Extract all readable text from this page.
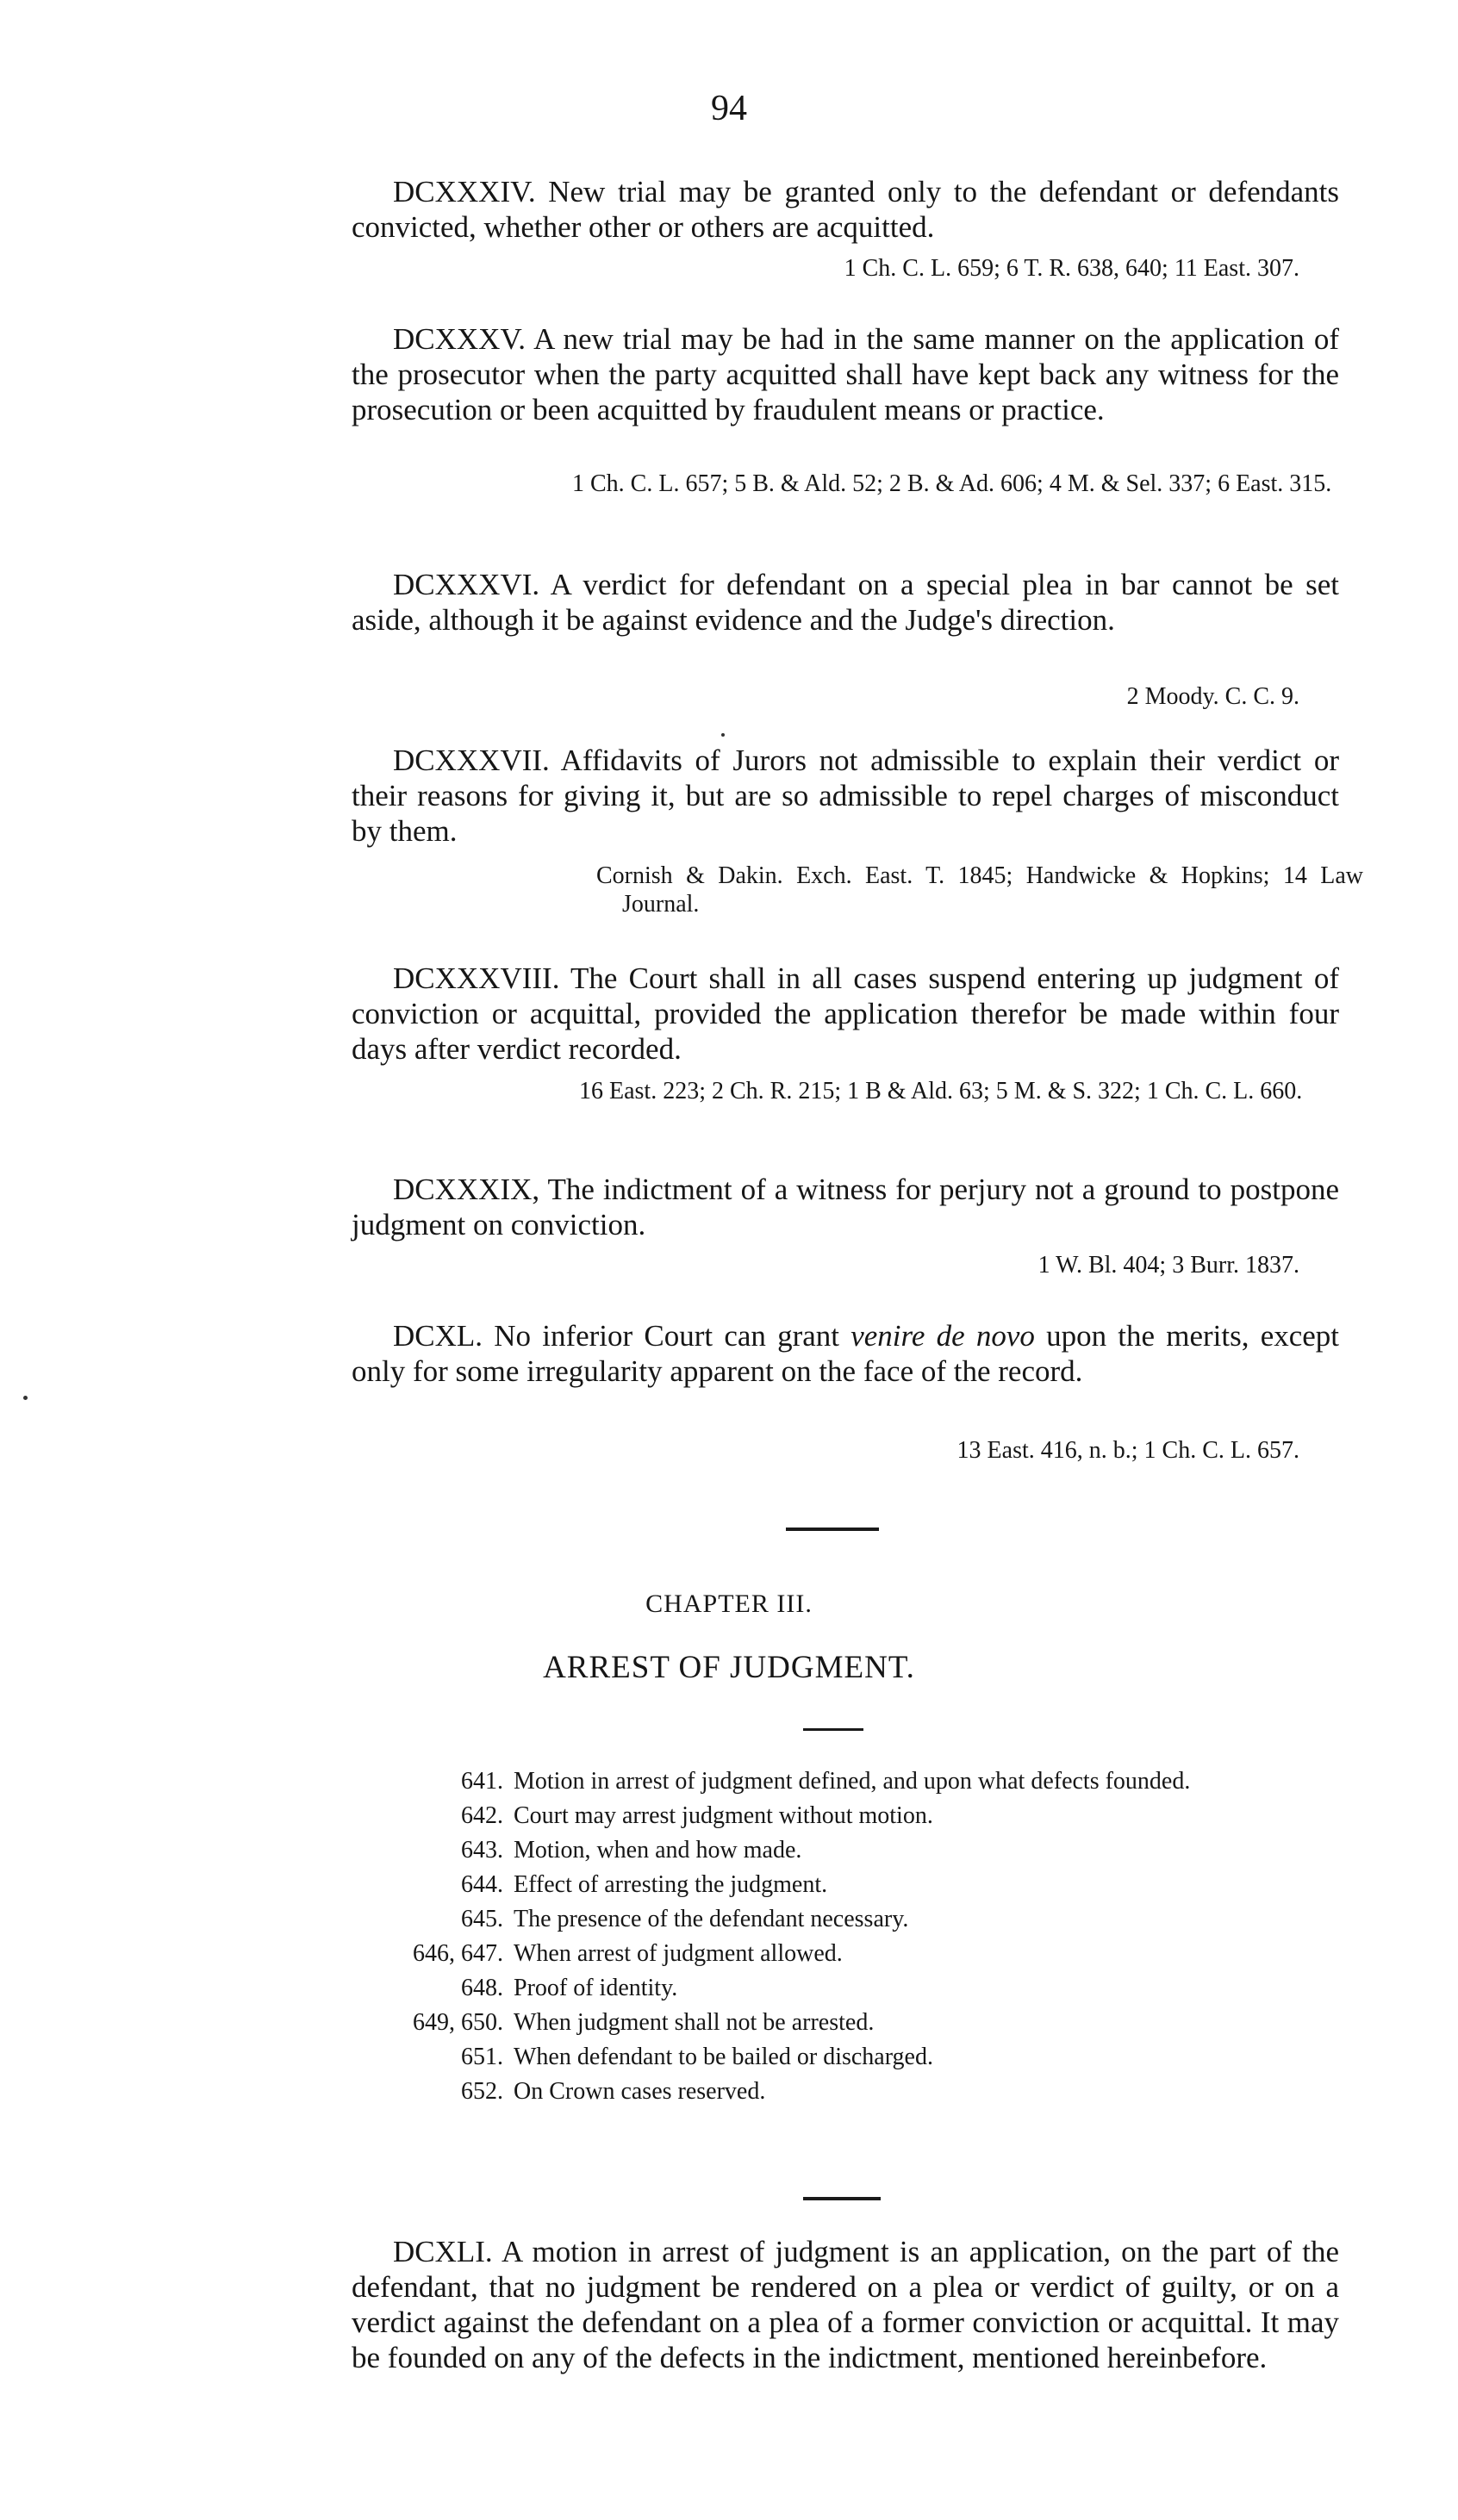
94

DCXXXIV. New trial may be granted only to the defendant or defendants convicted, whether other or others are acquitted.

1 Ch. C. L. 659; 6 T. R. 638, 640; 11 East. 307.

DCXXXV. A new trial may be had in the same manner on the application of the prosecutor when the party acquitted shall have kept back any witness for the prosecution or been acquitted by fraudulent means or practice.

1 Ch. C. L. 657; 5 B. & Ald. 52; 2 B. & Ad. 606; 4 M. & Sel. 337; 6 East. 315.

DCXXXVI. A verdict for defendant on a special plea in bar cannot be set aside, although it be against evidence and the Judge's direction.

2 Moody. C. C. 9.

DCXXXVII. Affidavits of Jurors not admissible to explain their verdict or their reasons for giving it, but are so admissible to repel charges of misconduct by them.

Cornish & Dakin. Exch. East. T. 1845; Handwicke & Hopkins; 14 Law Journal.

DCXXXVIII. The Court shall in all cases suspend entering up judgment of conviction or acquittal, provided the application therefor be made within four days after verdict recorded.

16 East. 223; 2 Ch. R. 215; 1 B & Ald. 63; 5 M. & S. 322; 1 Ch. C. L. 660.

DCXXXIX, The indictment of a witness for perjury not a ground to postpone judgment on conviction.

1 W. Bl. 404; 3 Burr. 1837.

DCXL. No inferior Court can grant venire de novo upon the merits, except only for some irregularity apparent on the face of the record.

13 East. 416, n. b.; 1 Ch. C. L. 657.

CHAPTER III.
ARREST OF JUDGMENT.
641. Motion in arrest of judgment defined, and upon what defects founded.
642. Court may arrest judgment without motion.
643. Motion, when and how made.
644. Effect of arresting the judgment.
645. The presence of the defendant necessary.
646, 647. When arrest of judgment allowed.
648. Proof of identity.
649, 650. When judgment shall not be arrested.
651. When defendant to be bailed or discharged.
652. On Crown cases reserved.

DCXLI. A motion in arrest of judgment is an application, on the part of the defendant, that no judgment be rendered on a plea or verdict of guilty, or on a verdict against the defendant on a plea of a former conviction or acquittal. It may be founded on any of the defects in the indictment, mentioned hereinbefore.
